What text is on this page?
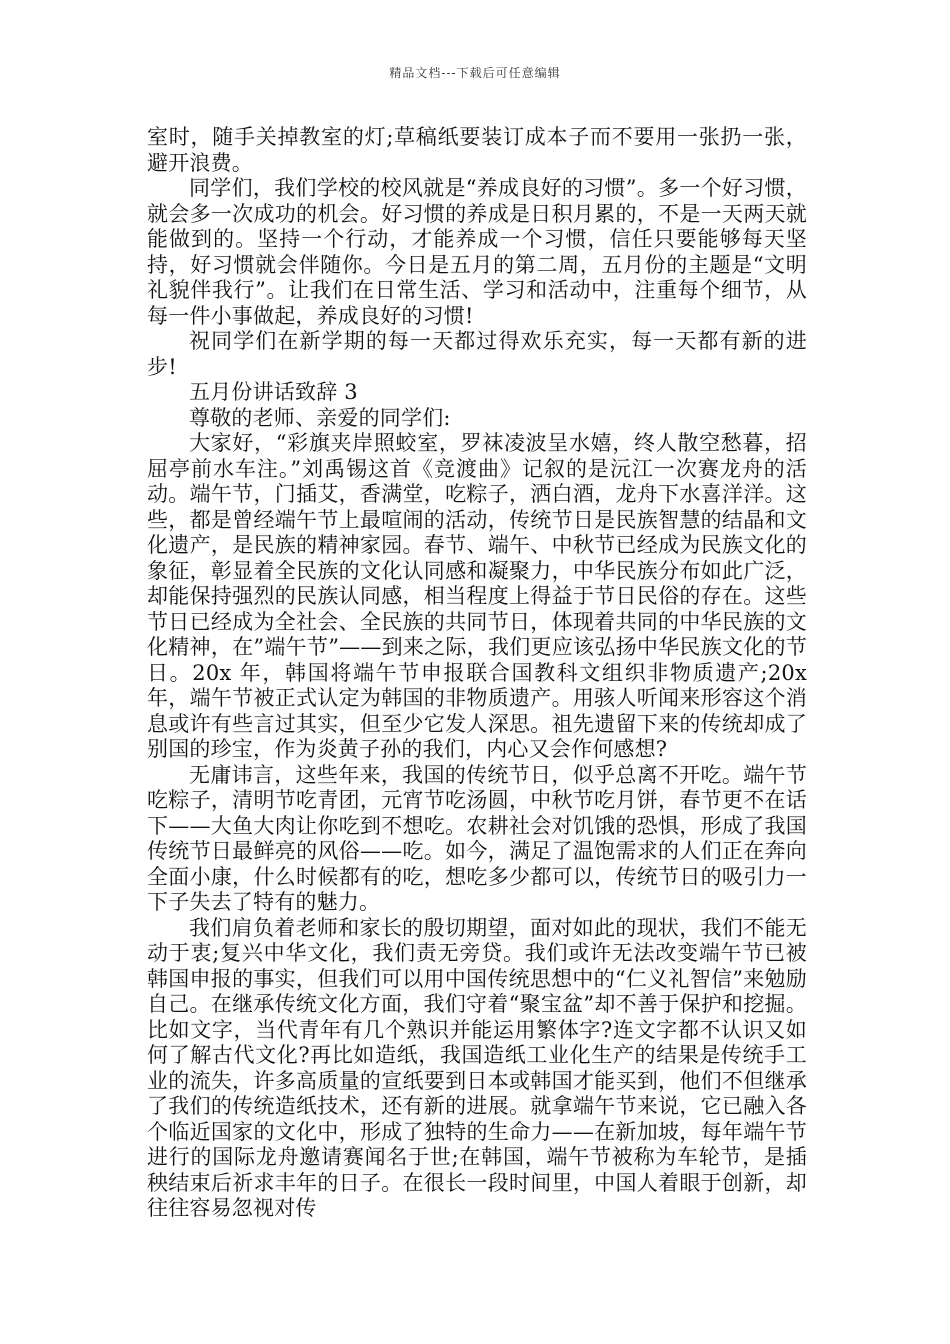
精品文档---下载后可任意编辑

室时，随手关掉教室的灯;草稿纸要装订成本子而不要用一张扔一张，避开浪费。

同学们，我们学校的校风就是“养成良好的习惯”。多一个好习惯，就会多一次成功的机会。好习惯的养成是日积月累的，不是一天两天就能做到的。坚持一个行动，才能养成一个习惯，信任只要能够每天坚持，好习惯就会伴随你。今日是五月的第二周，五月份的主题是“文明礼貌伴我行”。让我们在日常生活、学习和活动中，注重每个细节，从每一件小事做起，养成良好的习惯!

祝同学们在新学期的每一天都过得欢乐充实，每一天都有新的进步!

五月份讲话致辞 3

尊敬的老师、亲爱的同学们:

大家好，“彩旗夹岸照蛟室，罗袜凌波呈水嬉，终人散空愁暮，招屈亭前水车注。”刘禹锡这首《竞渡曲》记叙的是沅江一次赛龙舟的活动。端午节，门插艾，香满堂，吃粽子，洒白酒，龙舟下水喜洋洋。这些，都是曾经端午节上最喧闹的活动，传统节日是民族智慧的结晶和文化遗产，是民族的精神家园。春节、端午、中秋节已经成为民族文化的象征，彰显着全民族的文化认同感和凝聚力，中华民族分布如此广泛，却能保持强烈的民族认同感，相当程度上得益于节日民俗的存在。这些节日已经成为全社会、全民族的共同节日，体现着共同的中华民族的文化精神，在”端午节”——到来之际，我们更应该弘扬中华民族文化的节日。20x 年，韩国将端午节申报联合国教科文组织非物质遗产;20x 年，端午节被正式认定为韩国的非物质遗产。用骇人听闻来形容这个消息或许有些言过其实，但至少它发人深思。祖先遗留下来的传统却成了别国的珍宝，作为炎黄子孙的我们，内心又会作何感想?

无庸讳言，这些年来，我国的传统节日，似乎总离不开吃。端午节吃粽子，清明节吃青团，元宵节吃汤圆，中秋节吃月饼，春节更不在话下——大鱼大肉让你吃到不想吃。农耕社会对饥饿的恐惧，形成了我国传统节日最鲜亮的风俗——吃。如今，满足了温饱需求的人们正在奔向全面小康，什么时候都有的吃，想吃多少都可以，传统节日的吸引力一下子失去了特有的魅力。

我们肩负着老师和家长的殷切期望，面对如此的现状，我们不能无动于衷;复兴中华文化，我们责无旁贷。我们或许无法改变端午节已被韩国申报的事实，但我们可以用中国传统思想中的“仁义礼智信”来勉励自己。在继承传统文化方面，我们守着“聚宝盆”却不善于保护和挖掘。比如文字，当代青年有几个熟识并能运用繁体字?连文字都不认识又如何了解古代文化?再比如造纸，我国造纸工业化生产的结果是传统手工业的流失，许多高质量的宣纸要到日本或韩国才能买到，他们不但继承了我们的传统造纸技术，还有新的进展。就拿端午节来说，它已融入各个临近国家的文化中，形成了独特的生命力——在新加坡，每年端午节进行的国际龙舟邀请赛闻名于世;在韩国，端午节被称为车轮节，是插秧结束后祈求丰年的日子。在很长一段时间里，中国人着眼于创新，却往往容易忽视对传
